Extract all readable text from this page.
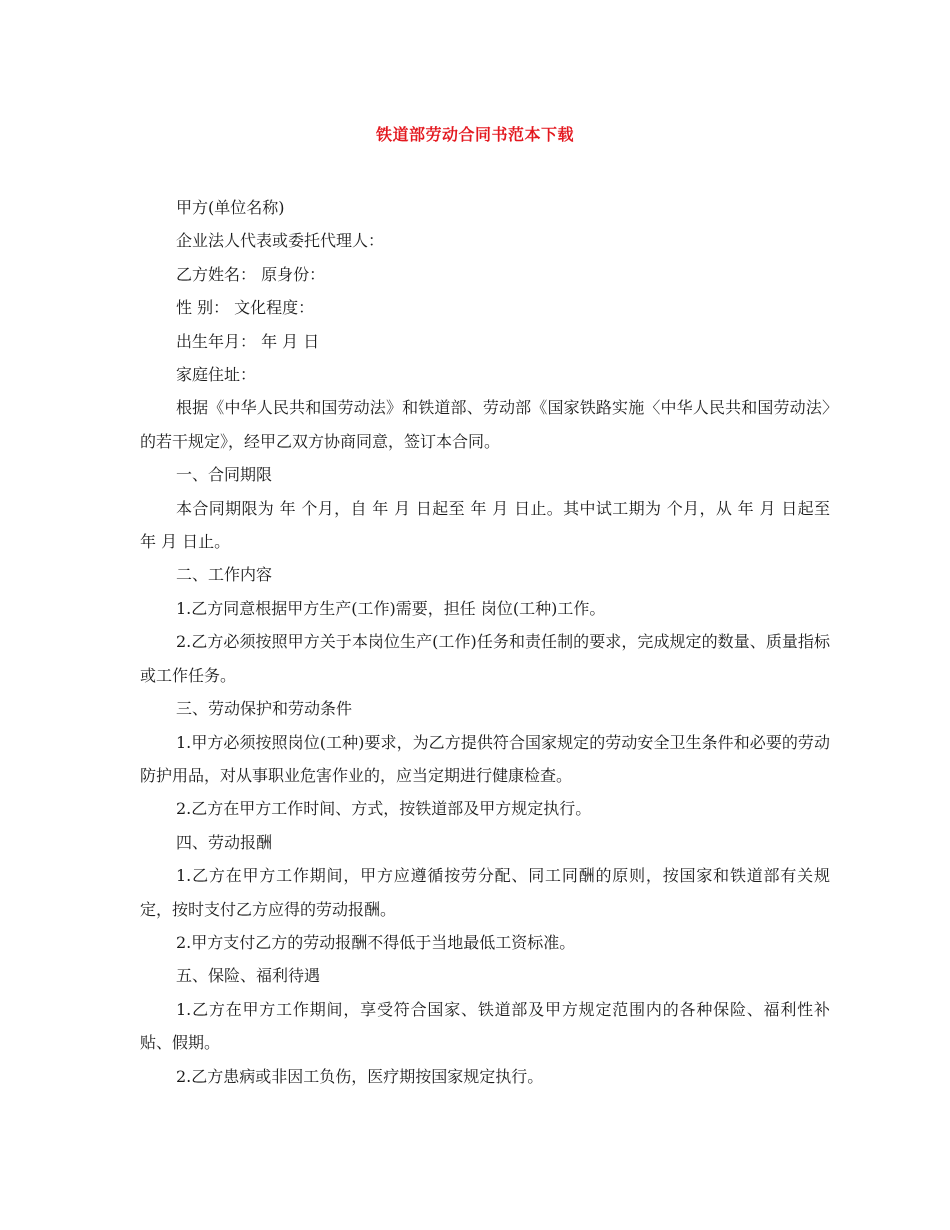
铁道部劳动合同书范本下载
甲方(单位名称)
企业法人代表或委托代理人：
乙方姓名： 原身份：
性 别： 文化程度：
出生年月： 年 月 日
家庭住址：
根据《中华人民共和国劳动法》和铁道部、劳动部《国家铁路实施〈中华人民共和国劳动法〉的若干规定》，经甲乙双方协商同意，签订本合同。
一、合同期限
本合同期限为 年 个月，自 年 月 日起至 年 月 日止。其中试工期为 个月，从 年 月 日起至 年 月 日止。
二、工作内容
1.乙方同意根据甲方生产(工作)需要，担任 岗位(工种)工作。
2.乙方必须按照甲方关于本岗位生产(工作)任务和责任制的要求，完成规定的数量、质量指标或工作任务。
三、劳动保护和劳动条件
1.甲方必须按照岗位(工种)要求，为乙方提供符合国家规定的劳动安全卫生条件和必要的劳动防护用品，对从事职业危害作业的，应当定期进行健康检查。
2.乙方在甲方工作时间、方式，按铁道部及甲方规定执行。
四、劳动报酬
1.乙方在甲方工作期间，甲方应遵循按劳分配、同工同酬的原则，按国家和铁道部有关规定，按时支付乙方应得的劳动报酬。
2.甲方支付乙方的劳动报酬不得低于当地最低工资标准。
五、保险、福利待遇
1.乙方在甲方工作期间，享受符合国家、铁道部及甲方规定范围内的各种保险、福利性补贴、假期。
2.乙方患病或非因工负伤，医疗期按国家规定执行。
